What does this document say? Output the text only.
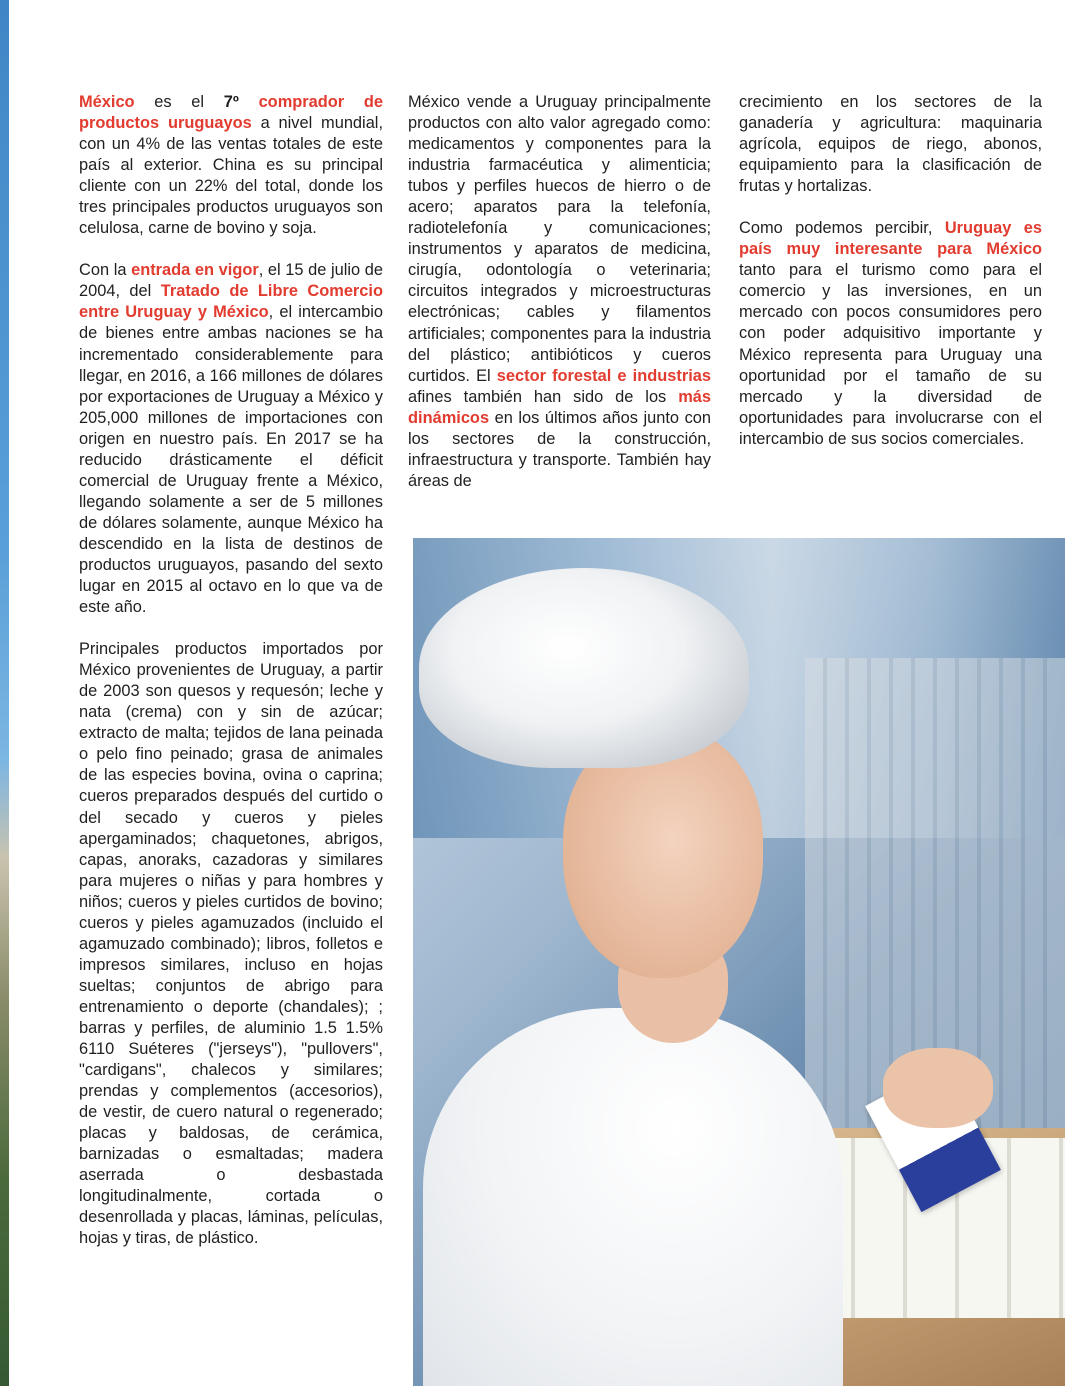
México es el 7º comprador de productos uruguayos a nivel mundial, con un 4% de las ventas totales de este país al exterior. China es su principal cliente con un 22% del total, donde los tres principales productos uruguayos son celulosa, carne de bovino y soja.

Con la entrada en vigor, el 15 de julio de 2004, del Tratado de Libre Comercio entre Uruguay y México, el intercambio de bienes entre ambas naciones se ha incrementado considerablemente para llegar, en 2016, a 166 millones de dólares por exportaciones de Uruguay a México y 205,000 millones de importaciones con origen en nuestro país. En 2017 se ha reducido drásticamente el déficit comercial de Uruguay frente a México, llegando solamente a ser de 5 millones de dólares solamente, aunque México ha descendido en la lista de destinos de productos uruguayos, pasando del sexto lugar en 2015 al octavo en lo que va de este año.

Principales productos importados por México provenientes de Uruguay, a partir de 2003 son quesos y requesón; leche y nata (crema) con y sin de azúcar; extracto de malta; tejidos de lana peinada o pelo fino peinado; grasa de animales de las especies bovina, ovina o caprina; cueros preparados después del curtido o del secado y cueros y pieles apergaminados; chaquetones, abrigos, capas, anoraks, cazadoras y similares para mujeres o niñas y para hombres y niños; cueros y pieles curtidos de bovino; cueros y pieles agamuzados (incluido el agamuzado combinado); libros, folletos e impresos similares, incluso en hojas sueltas; conjuntos de abrigo para entrenamiento o deporte (chandales); ; barras y perfiles, de aluminio 1.5 1.5% 6110 Suéteres ("jerseys"), "pullovers", "cardigans", chalecos y similares; prendas y complementos (accesorios), de vestir, de cuero natural o regenerado; placas y baldosas, de cerámica, barnizadas o esmaltadas; madera aserrada o desbastada longitudinalmente, cortada o desenrollada y placas, láminas, películas, hojas y tiras, de plástico.

México vende a Uruguay principalmente productos con alto valor agregado como: medicamentos y componentes para la industria farmacéutica y alimenticia; tubos y perfiles huecos de hierro o de acero; aparatos para la telefonía, radiotelefonía y comunicaciones; instrumentos y aparatos de medicina, cirugía, odontología o veterinaria; circuitos integrados y microestructuras electrónicas; cables y filamentos artificiales; componentes para la industria del plástico; antibióticos y cueros curtidos. El sector forestal e industrias afines también han sido de los más dinámicos en los últimos años junto con los sectores de la construcción, infraestructura y transporte. También hay áreas de

crecimiento en los sectores de la ganadería y agricultura: maquinaria agrícola, equipos de riego, abonos, equipamiento para la clasificación de frutas y hortalizas.

Como podemos percibir, Uruguay es país muy interesante para México tanto para el turismo como para el comercio y las inversiones, en un mercado con pocos consumidores pero con poder adquisitivo importante y México representa para Uruguay una oportunidad por el tamaño de su mercado y la diversidad de oportunidades para involucrarse con el intercambio de sus socios comerciales.
